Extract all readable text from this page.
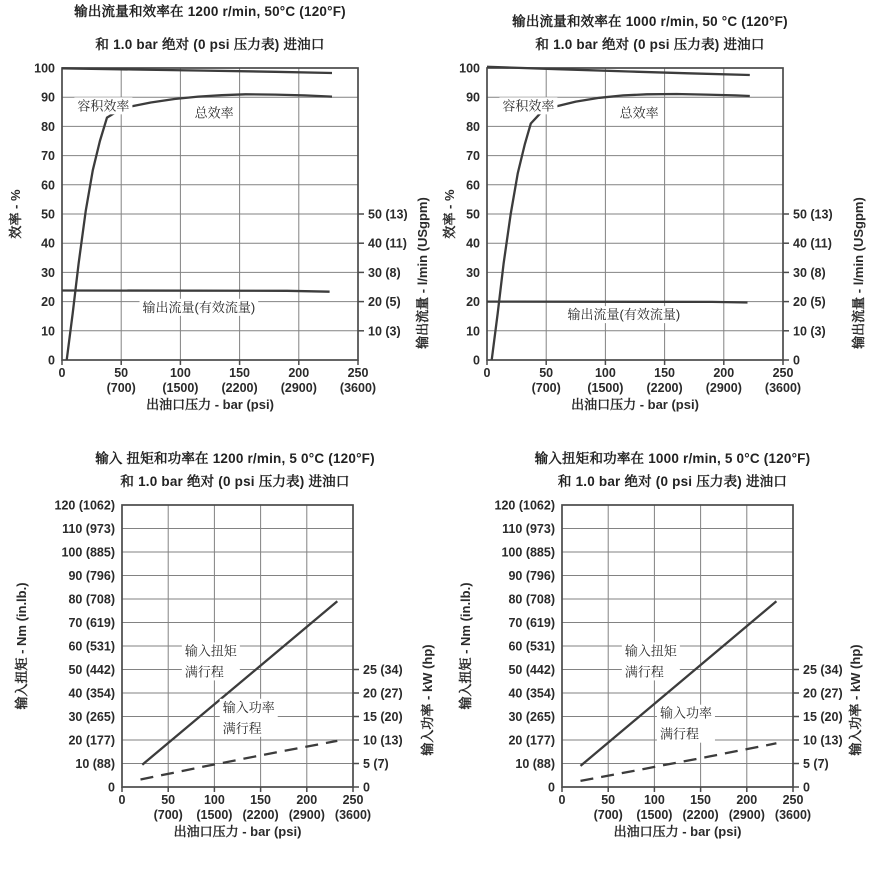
输出流量和效率在 1200 r/min, 50°C (120°F)
和 1.0 bar 绝对 (0 psi 压力表) 进油口
输出流量和效率在 1000 r/min, 50 °C (120°F)
和 1.0 bar 绝对 (0 psi 压力表) 进油口
输入 扭矩和功率在 1200 r/min, 5 0°C (120°F)
和 1.0 bar 绝对 (0 psi 压力表) 进油口
输入扭矩和功率在 1000 r/min, 5 0°C (120°F)
和 1.0 bar 绝对 (0 psi 压力表) 进油口
0	50
(700)
100
(1500)
150
(2200)
200
(2900)
250
(3600)
100
90
80
70
60
50
40
30
20
10
0
50 (13)
40 (11)
30 (8)
20 (5)
10 (3)
出油口压力 - bar (psi)
效率 - %	输出流量 - l/min (USgpm)
容积效率	总效率
输出流量(有效流量)
0	50
(700)
100
(1500)
150
(2200)
200
(2900)
250
(3600)
100
90
80
70
60
50
40
30
20
10
0
50 (13)
40 (11)
30 (8)
20 (5)
10 (3)
0
出油口压力 - bar (psi)
效率 - %	输出流量 - l/min (USgpm)
容积效率	总效率
输出流量(有效流量)
0	50
(700)
100
(1500)
150
(2200)
200
(2900)
250
(3600)
120 (1062)
110 (973)
100 (885)
90 (796)
80 (708)
70 (619)
60 (531)
50 (442)
40 (354)
30 (265)
20 (177)
10 (88)
0
25 (34)
20 (27)
15 (20)
10 (13)
5 (7)
0
出油口压力 - bar (psi)
输入扭矩 - Nm (in.lb.)	输入功率 - kW (hp)
输入扭矩满行程
输入功率满行程
0	50
(700)
100
(1500)
150
(2200)
200
(2900)
250
(3600)
120 (1062)
110 (973)
100 (885)
90 (796)
80 (708)
70 (619)
60 (531)
50 (442)
40 (354)
30 (265)
20 (177)
10 (88)
0
25 (34)
20 (27)
15 (20)
10 (13)
5 (7)
0
出油口压力 - bar (psi)
输入扭矩 - Nm (in.lb.)	输入功率 - kW (hp)
输入扭矩满行程
输入功率满行程
